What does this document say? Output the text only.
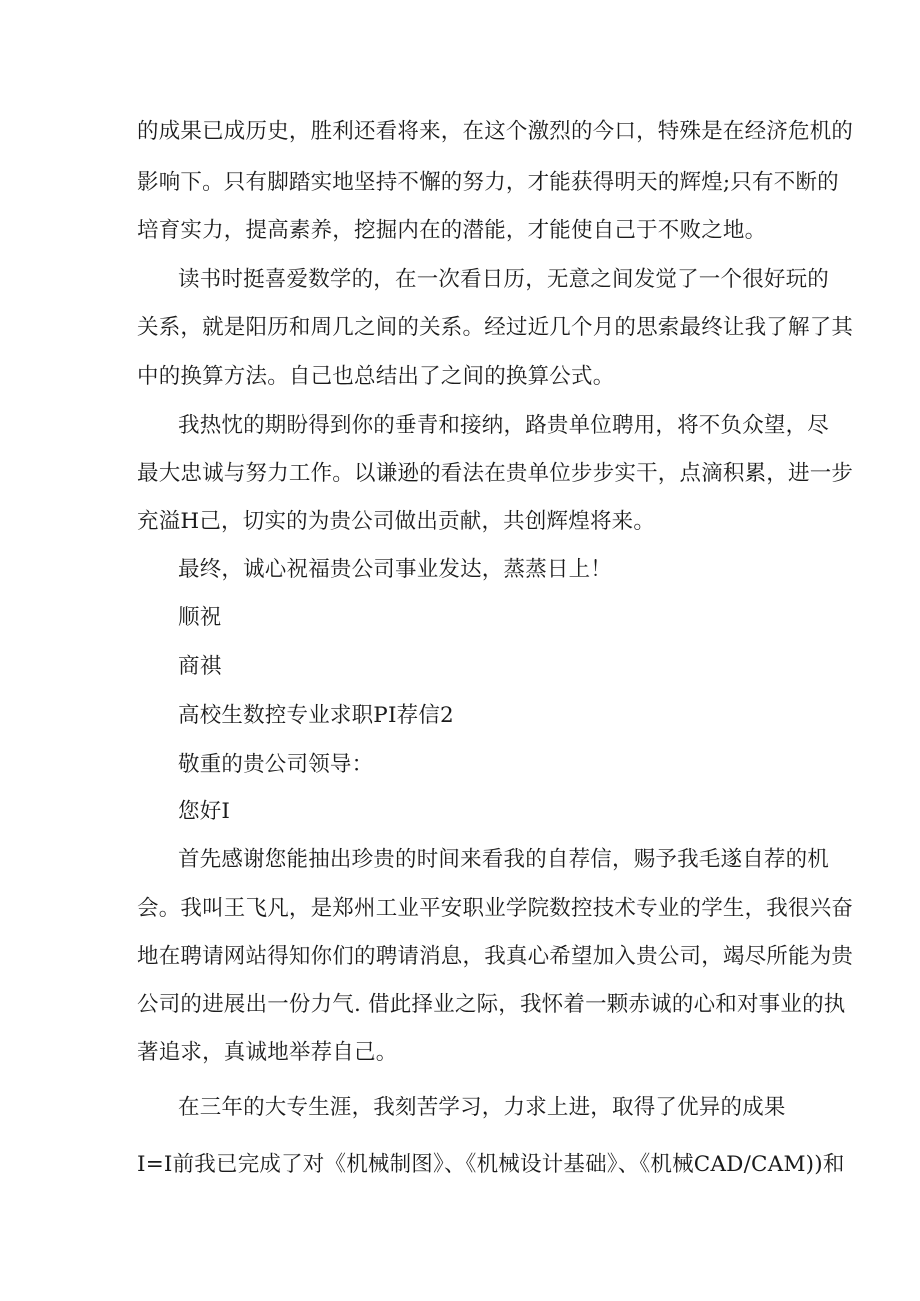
的成果已成历史，胜利还看将来，在这个激烈的今口，特殊是在经济危机的
影响下。只有脚踏实地坚持不懈的努力，才能获得明天的辉煌;只有不断的
培育实力，提高素养，挖掘内在的潜能，才能使自己于不败之地。
读书时挺喜爱数学的，在一次看日历，无意之间发觉了一个很好玩的
关系，就是阳历和周几之间的关系。经过近几个月的思索最终让我了解了其
中的换算方法。自己也总结出了之间的换算公式。
我热忱的期盼得到你的垂青和接纳，路贵单位聘用，将不负众望，尽
最大忠诚与努力工作。以谦逊的看法在贵单位步步实干，点滴积累，进一步
充溢H己，切实的为贵公司做出贡献，共创辉煌将来。
最终，诚心祝福贵公司事业发达，蒸蒸日上！
顺祝
商祺
高校生数控专业求职PI荐信2
敬重的贵公司领导：
您好I
首先感谢您能抽出珍贵的时间来看我的自荐信，赐予我毛遂自荐的机
会。我叫王飞凡，是郑州工业平安职业学院数控技术专业的学生，我很兴奋
地在聘请网站得知你们的聘请消息，我真心希望加入贵公司，竭尽所能为贵
公司的进展出一份力气. 借此择业之际，我怀着一颗赤诚的心和对事业的执
著追求，真诚地举荐自己。
在三年的大专生涯，我刻苦学习，力求上进，取得了优异的成果
I=I前我已完成了对《机械制图》、《机械设计基础》、《机械CAD∕CAM))和
